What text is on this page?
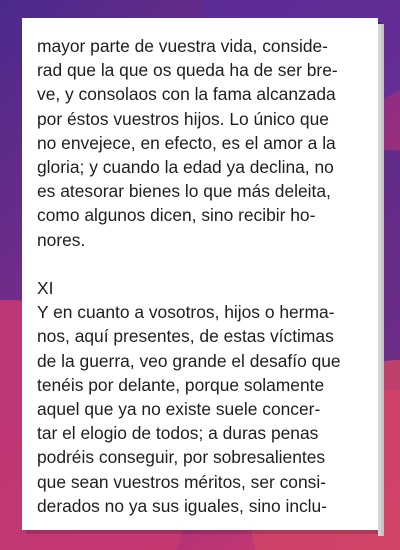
mayor parte de vuestra vida, conside-
rad que la que os queda ha de ser bre-
ve, y consolaos con la fama alcanzada
por éstos vuestros hijos. Lo único que
no envejece, en efecto, es el amor a la
gloria; y cuando la edad ya declina, no
es atesorar bienes lo que más deleita,
como algunos dicen, sino recibir ho-
nores.

XI

Y en cuanto a vosotros, hijos o herma-
nos, aquí presentes, de estas víctimas
de la guerra, veo grande el desafío que
tenéis por delante, porque solamente
aquel que ya no existe suele concer-
tar el elogio de todos; a duras penas
podréis conseguir, por sobresalientes
que sean vuestros méritos, ser consi-
derados no ya sus iguales, sino inclu-
